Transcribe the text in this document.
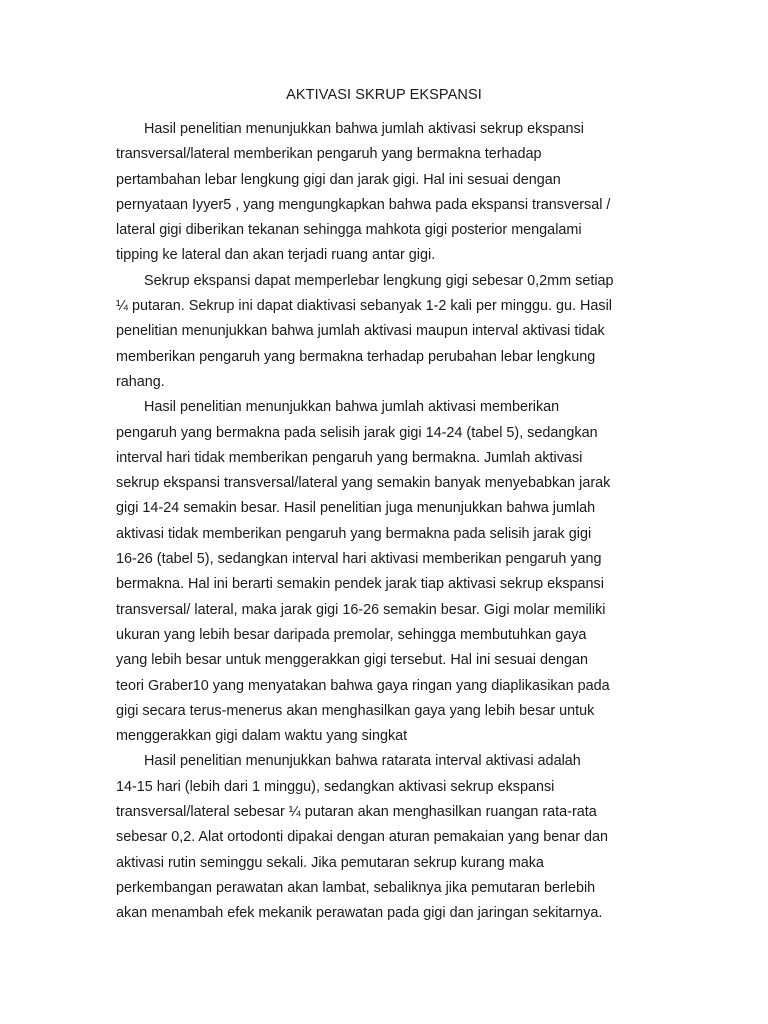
AKTIVASI SKRUP EKSPANSI
Hasil penelitian menunjukkan bahwa jumlah aktivasi sekrup ekspansi
transversal/lateral memberikan pengaruh yang bermakna terhadap
pertambahan lebar lengkung gigi dan jarak gigi. Hal ini sesuai dengan
pernyataan Iyyer5 , yang mengungkapkan bahwa pada ekspansi transversal /
lateral gigi diberikan tekanan sehingga mahkota gigi posterior mengalami
tipping ke lateral dan akan terjadi ruang antar gigi.
Sekrup ekspansi dapat memperlebar lengkung gigi sebesar 0,2mm setiap
¼ putaran. Sekrup ini dapat diaktivasi sebanyak 1-2 kali per minggu. gu. Hasil
penelitian menunjukkan bahwa jumlah aktivasi maupun interval aktivasi tidak
memberikan pengaruh yang bermakna terhadap perubahan lebar lengkung
rahang.
Hasil penelitian menunjukkan bahwa jumlah aktivasi memberikan
pengaruh yang bermakna pada selisih jarak gigi 14-24 (tabel 5), sedangkan
interval hari tidak memberikan pengaruh yang bermakna. Jumlah aktivasi
sekrup ekspansi transversal/lateral yang semakin banyak menyebabkan jarak
gigi 14-24 semakin besar. Hasil penelitian juga menunjukkan bahwa jumlah
aktivasi tidak memberikan pengaruh yang bermakna pada selisih jarak gigi
16-26 (tabel 5), sedangkan interval hari aktivasi memberikan pengaruh yang
bermakna. Hal ini berarti semakin pendek jarak tiap aktivasi sekrup ekspansi
transversal/ lateral, maka jarak gigi 16-26 semakin besar. Gigi molar memiliki
ukuran yang lebih besar daripada premolar, sehingga membutuhkan gaya
yang lebih besar untuk menggerakkan gigi tersebut. Hal ini sesuai dengan
teori Graber10 yang menyatakan bahwa gaya ringan yang diaplikasikan pada
gigi secara terus-menerus akan menghasilkan gaya yang lebih besar untuk
menggerakkan gigi dalam waktu yang singkat
Hasil penelitian menunjukkan bahwa ratarata interval aktivasi adalah
14-15 hari (lebih dari 1 minggu), sedangkan aktivasi sekrup ekspansi
transversal/lateral sebesar ¼ putaran akan menghasilkan ruangan rata-rata
sebesar 0,2. Alat ortodonti dipakai dengan aturan pemakaian yang benar dan
aktivasi rutin seminggu sekali. Jika pemutaran sekrup kurang maka
perkembangan perawatan akan lambat, sebaliknya jika pemutaran berlebih
akan menambah efek mekanik perawatan pada gigi dan jaringan sekitarnya.
